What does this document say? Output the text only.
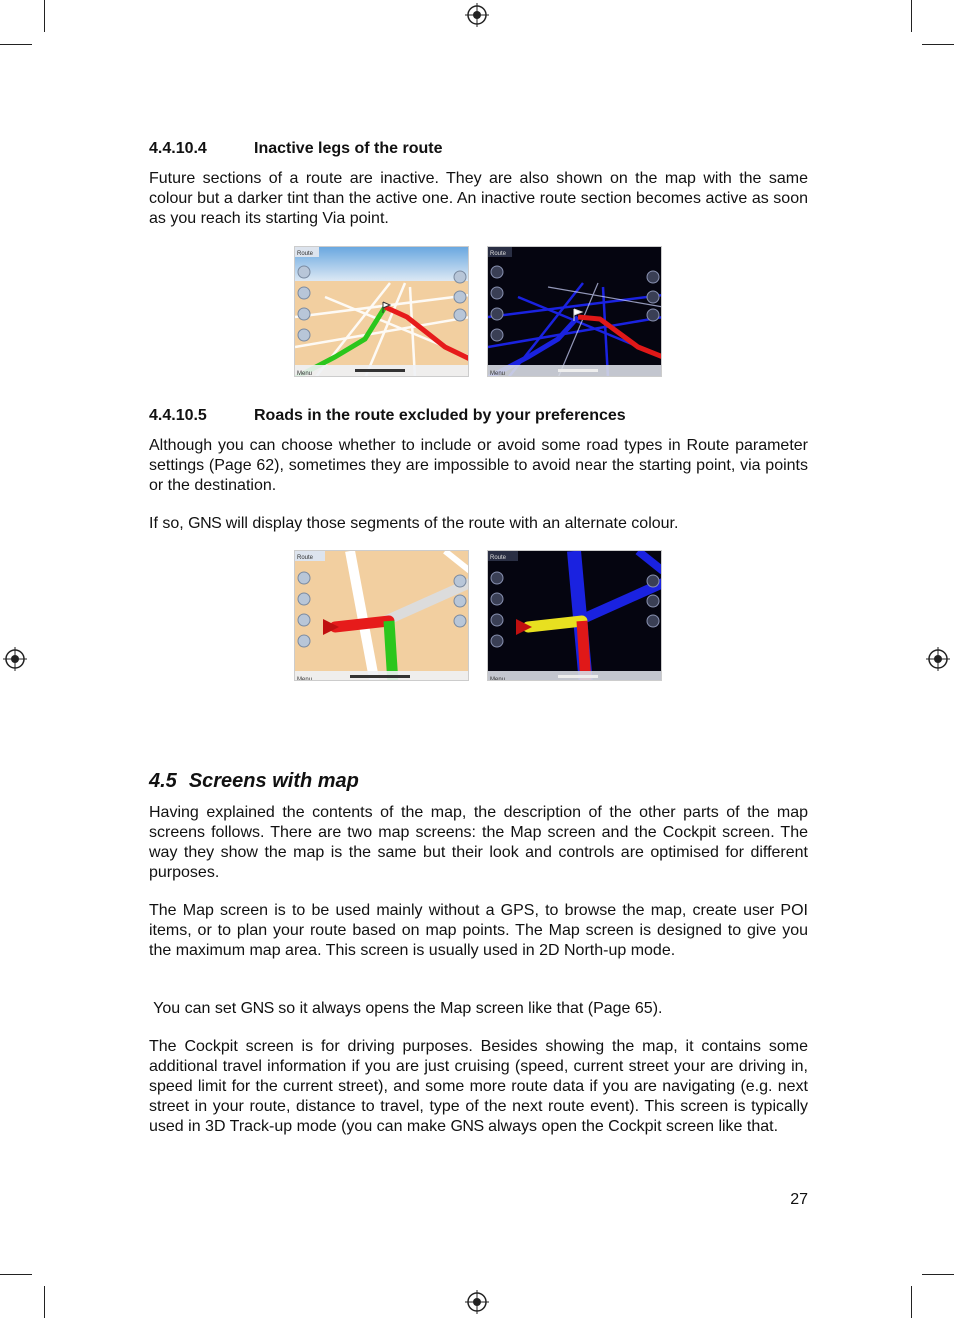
4.4.10.4	Inactive legs of the route
Future sections of a route are inactive. They are also shown on the map with the same colour but a darker tint than the active one. An inactive route section becomes active as soon as you reach its starting Via point.
Route
Menu
Route
Menu
4.4.10.5	Roads in the route excluded by your preferences
Although you can choose whether to include or avoid some road types in Route parameter settings (Page 62), sometimes they are impossible to avoid near the starting point, via points or the destination.
If so, GNS will display those segments of the route with an alternate colour.
Route
Menu
Route
Menu
4.5 Screens with map
Having explained the contents of the map, the description of the other parts of the map screens follows. There are two map screens: the Map screen and the Cockpit screen. The way they show the map is the same but their look and controls are optimised for different purposes.
The Map screen is to be used mainly without a GPS, to browse the map, create user POI items, or to plan your route based on map points. The Map screen is designed to give you the maximum map area. This screen is usually used in 2D North-up mode.
You can set GNS so it always opens the Map screen like that (Page 65).
The Cockpit screen is for driving purposes. Besides showing the map, it contains some additional travel information if you are just cruising (speed, current street your are driving in, speed limit for the current street), and some more route data if you are navigating (e.g. next street in your route, distance to travel, type of the next route event). This screen is typically used in 3D Track-up mode (you can make GNS always open the Cockpit screen like that.
27
